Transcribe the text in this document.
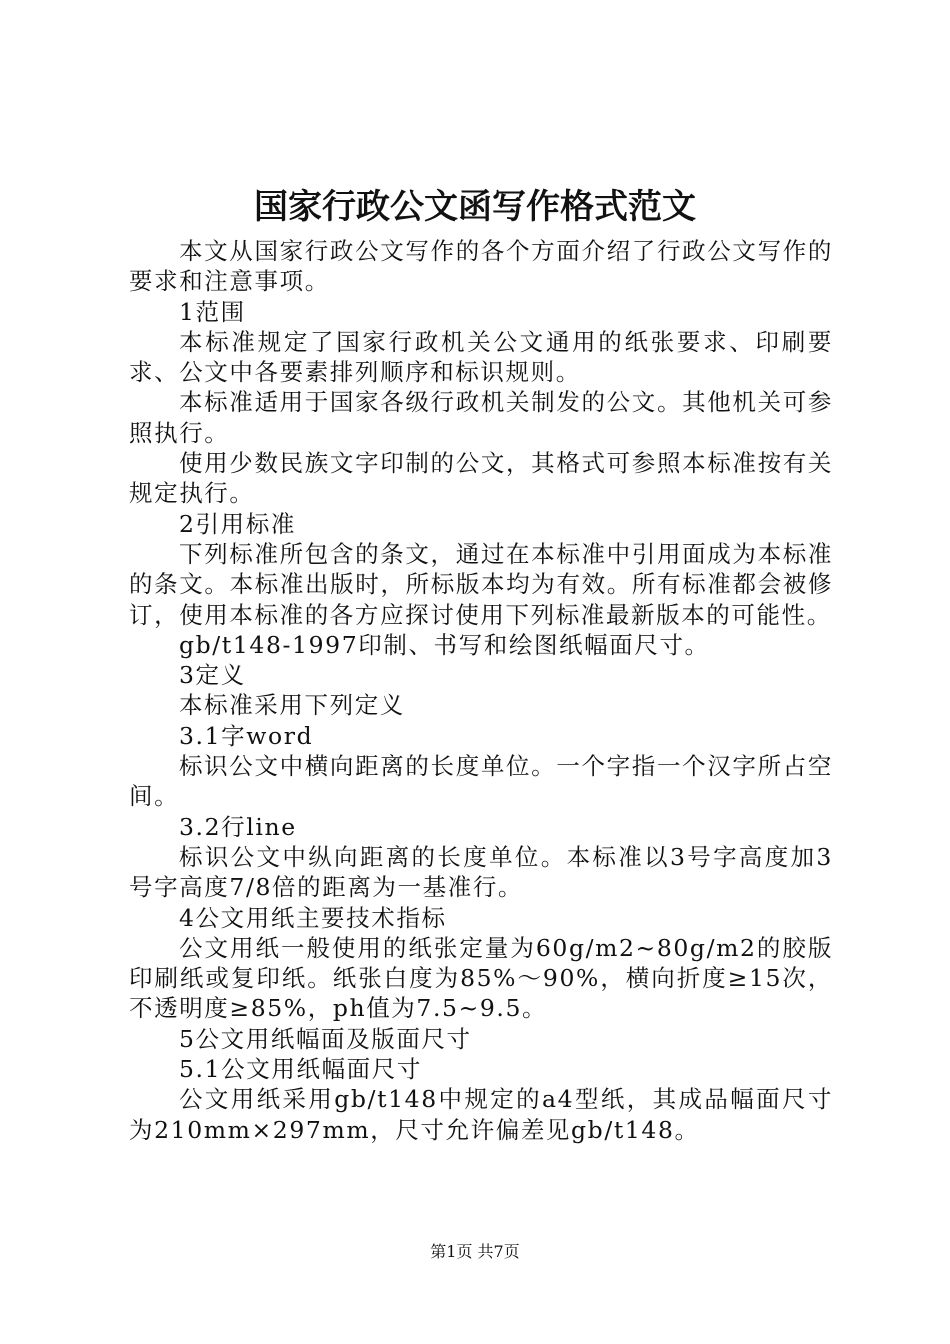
国家行政公文函写作格式范文

本文从国家行政公文写作的各个方面介绍了行政公文写作的要求和注意事项。

1范围

本标准规定了国家行政机关公文通用的纸张要求、印刷要求、公文中各要素排列顺序和标识规则。

本标准适用于国家各级行政机关制发的公文。其他机关可参照执行。

使用少数民族文字印制的公文，其格式可参照本标准按有关规定执行。

2引用标准

下列标准所包含的条文，通过在本标准中引用面成为本标准的条文。本标准出版时，所标版本均为有效。所有标准都会被修订，使用本标准的各方应探讨使用下列标准最新版本的可能性。

gb/t148-1997印制、书写和绘图纸幅面尺寸。

3定义

本标准采用下列定义

3.1字word

标识公文中横向距离的长度单位。一个字指一个汉字所占空间。

3.2行line

标识公文中纵向距离的长度单位。本标准以3号字高度加3号字高度7/8倍的距离为一基准行。

4公文用纸主要技术指标

公文用纸一般使用的纸张定量为60g/m2~80g/m2的胶版印刷纸或复印纸。纸张白度为85%～90%，横向折度≥15次，不透明度≥85%，ph值为7.5~9.5。

5公文用纸幅面及版面尺寸

5.1公文用纸幅面尺寸

公文用纸采用gb/t148中规定的a4型纸，其成品幅面尺寸为210mm×297mm，尺寸允许偏差见gb/t148。

第1页 共7页
